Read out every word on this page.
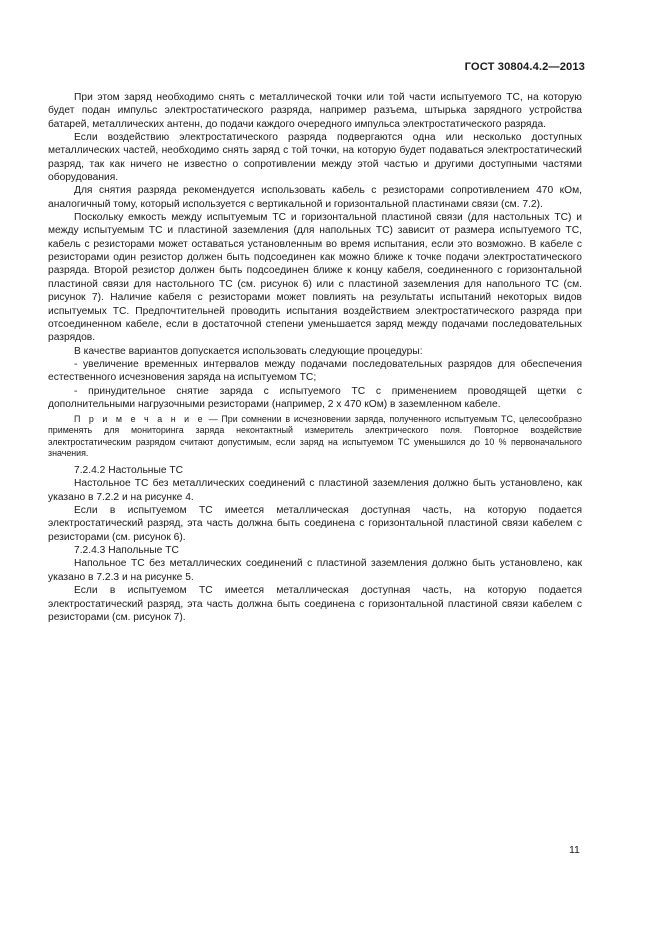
ГОСТ 30804.4.2—2013

При этом заряд необходимо снять с металлической точки или той части испытуемого ТС, на которую будет подан импульс электростатического разряда, например разъема, штырька зарядного устройства батарей, металлических антенн, до подачи каждого очередного импульса электростатического разряда.

Если воздействию электростатического разряда подвергаются одна или несколько доступных металлических частей, необходимо снять заряд с той точки, на которую будет подаваться электростатический разряд, так как ничего не известно о сопротивлении между этой частью и другими доступными частями оборудования.

Для снятия разряда рекомендуется использовать кабель с резисторами сопротивлением 470 кОм, аналогичный тому, который используется с вертикальной и горизонтальной пластинами связи (см. 7.2).

Поскольку емкость между испытуемым ТС и горизонтальной пластиной связи (для настольных ТС) и между испытуемым ТС и пластиной заземления (для напольных ТС) зависит от размера испытуемого ТС, кабель с резисторами может оставаться установленным во время испытания, если это возможно. В кабеле с резисторами один резистор должен быть подсоединен как можно ближе к точке подачи электростатического разряда. Второй резистор должен быть подсоединен ближе к концу кабеля, соединенного с горизонтальной пластиной связи для настольного ТС (см. рисунок 6) или с пластиной заземления для напольного ТС (см. рисунок 7). Наличие кабеля с резисторами может повлиять на результаты испытаний некоторых видов испытуемых ТС. Предпочтительней проводить испытания воздействием электростатического разряда при отсоединенном кабеле, если в достаточной степени уменьшается заряд между подачами последовательных разрядов.

В качестве вариантов допускается использовать следующие процедуры:

- увеличение временных интервалов между подачами последовательных разрядов для обеспечения естественного исчезновения заряда на испытуемом ТС;

- принудительное снятие заряда с испытуемого ТС с применением проводящей щетки с дополнительными нагрузочными резисторами (например, 2 х 470 кОм) в заземленном кабеле.

П р и м е ч а н и е — При сомнении в исчезновении заряда, полученного испытуемым ТС, целесообразно применять для мониторинга заряда неконтактный измеритель электрического поля. Повторное воздействие электростатическим разрядом считают допустимым, если заряд на испытуемом ТС уменьшился до 10 % первоначального значения.

7.2.4.2 Настольные ТС

Настольное ТС без металлических соединений с пластиной заземления должно быть установлено, как указано в 7.2.2 и на рисунке 4.

Если в испытуемом ТС имеется металлическая доступная часть, на которую подается электростатический разряд, эта часть должна быть соединена с горизонтальной пластиной связи кабелем с резисторами (см. рисунок 6).

7.2.4.3 Напольные ТС

Напольное ТС без металлических соединений с пластиной заземления должно быть установлено, как указано в 7.2.3 и на рисунке 5.

Если в испытуемом ТС имеется металлическая доступная часть, на которую подается электростатический разряд, эта часть должна быть соединена с горизонтальной пластиной связи кабелем с резисторами (см. рисунок 7).

11
